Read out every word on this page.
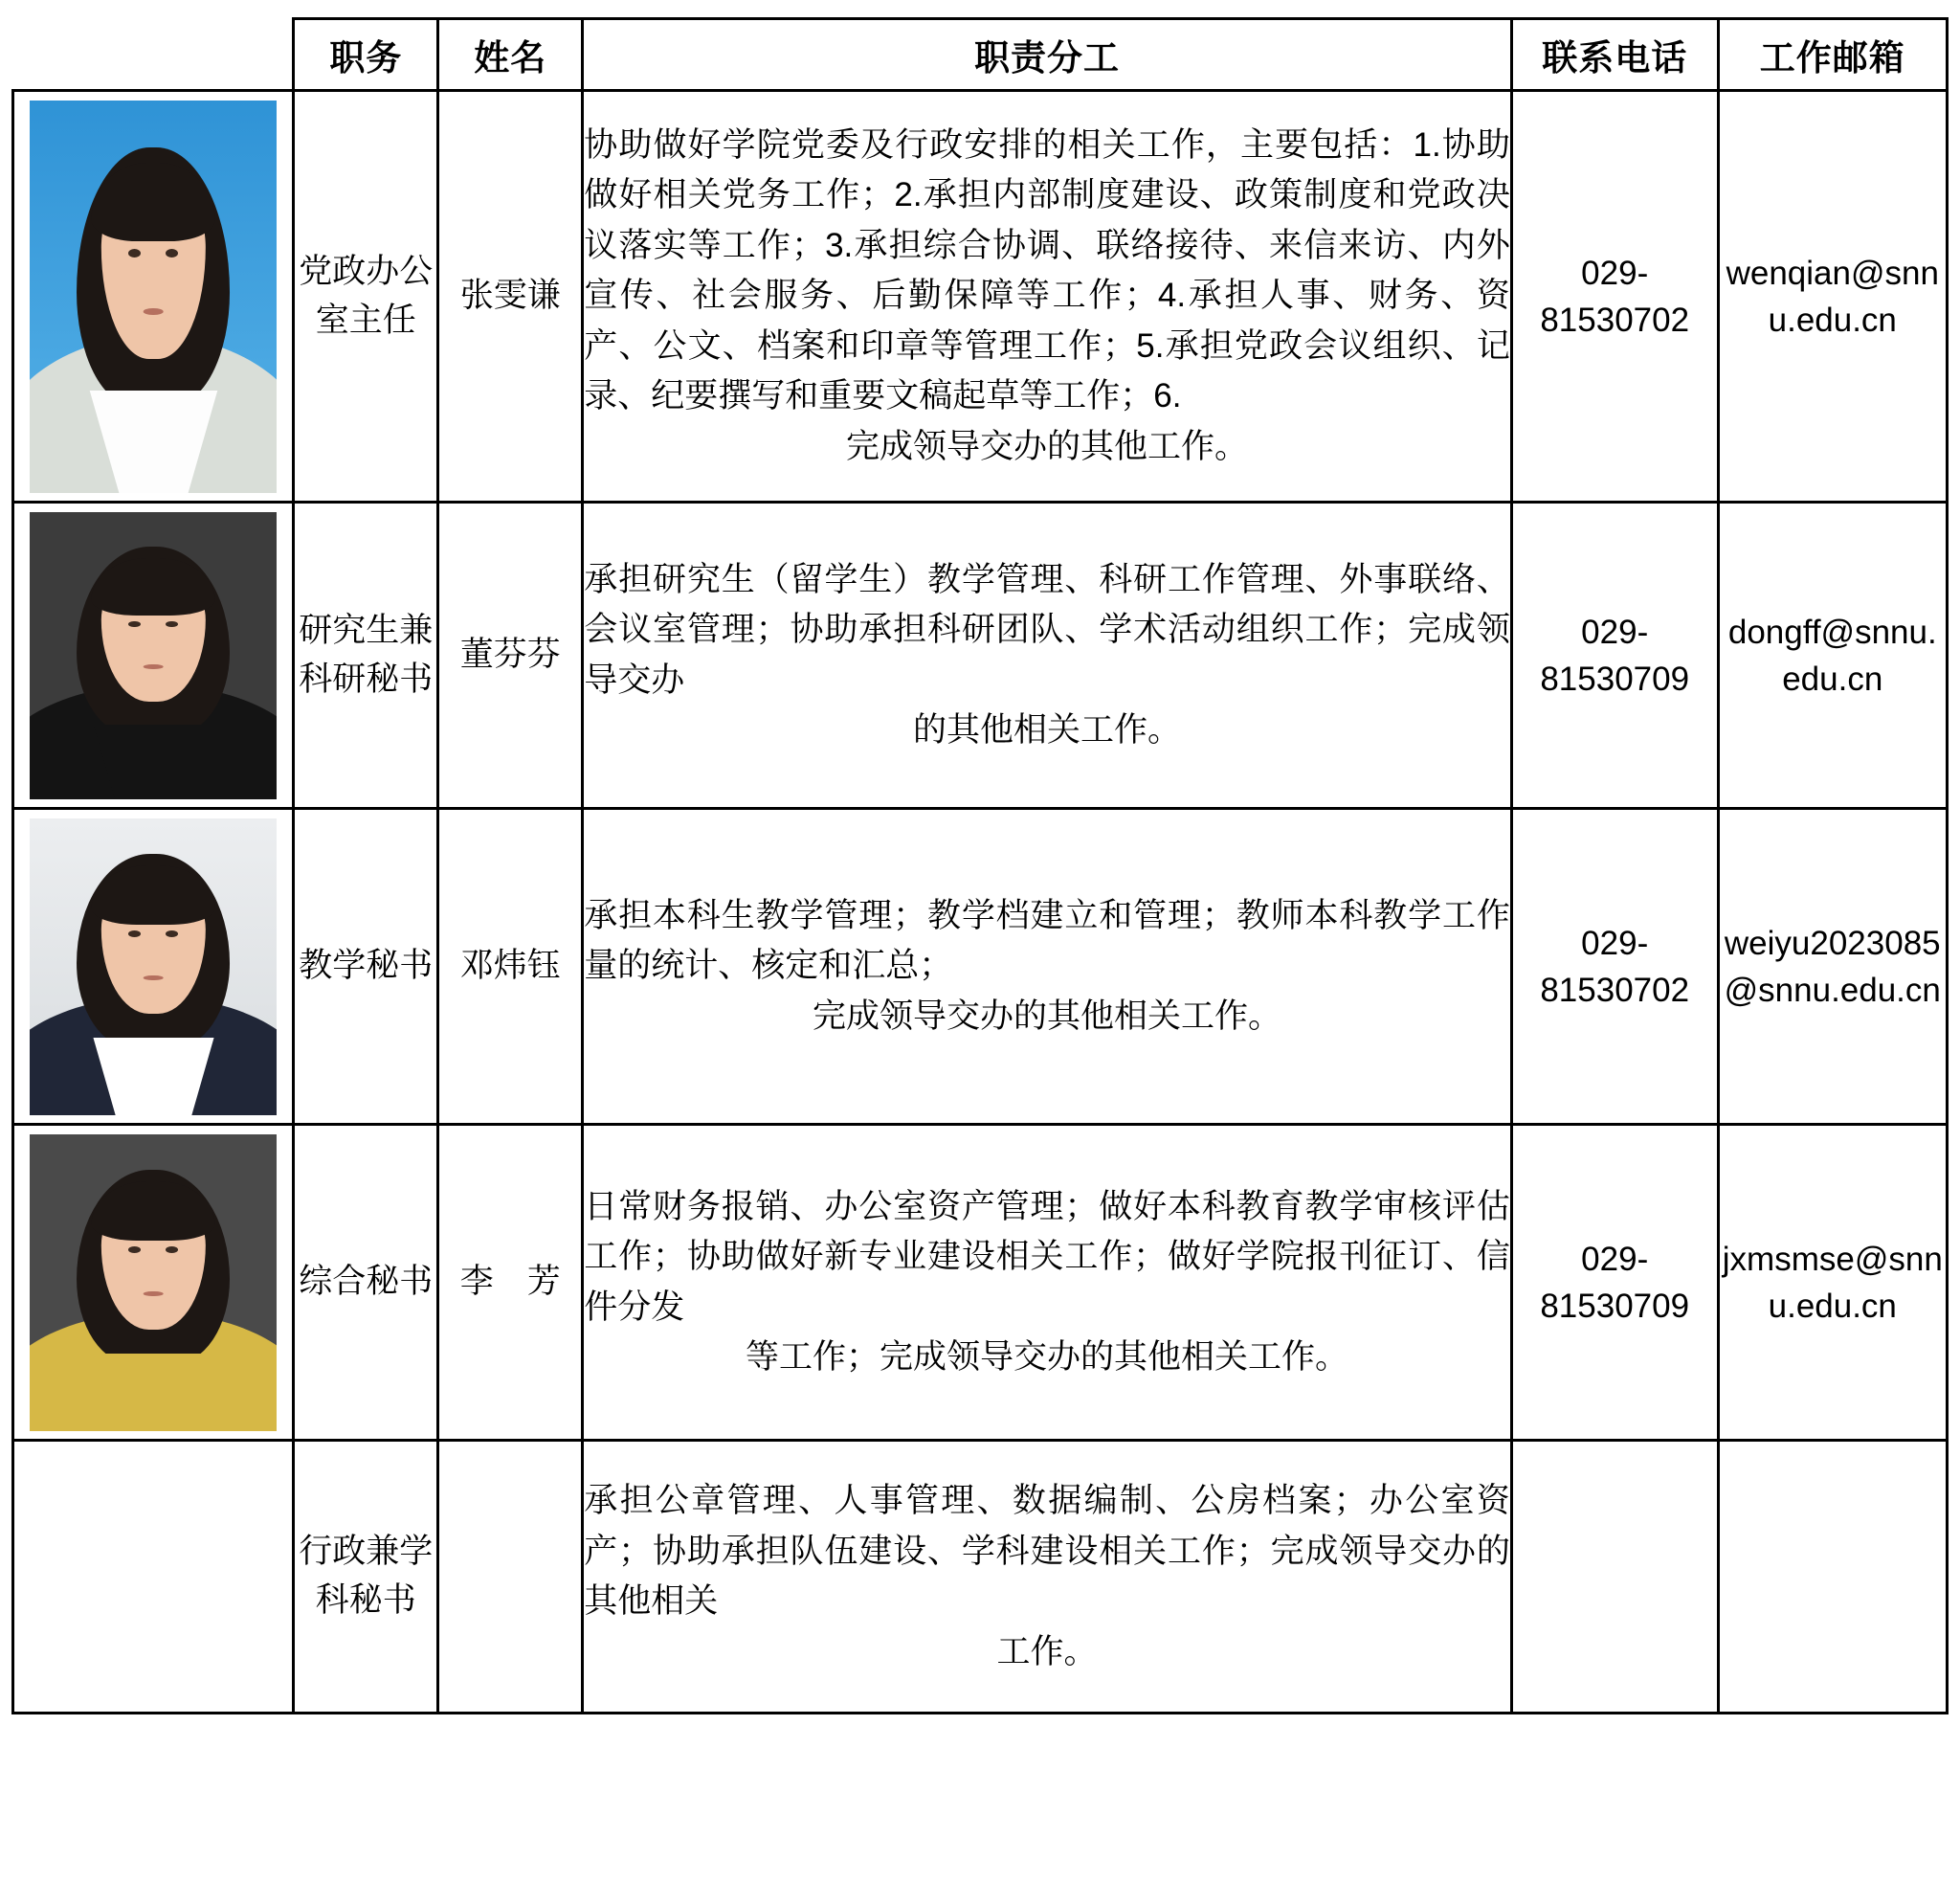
	职务	姓名	职责分工	联系电话	工作邮箱

	党政办公室主任	张雯谦	协助做好学院党委及行政安排的相关工作，主要包括：1.协助做好相关党务工作；2.承担内部制度建设、政策制度和党政决议落实等工作；3.承担综合协调、联络接待、来信来访、内外宣传、社会服务、后勤保障等工作；4.承担人事、财务、资产、公文、档案和印章等管理工作；5.承担党政会议组织、记录、纪要撰写和重要文稿起草等工作；6.
完成领导交办的其他工作。	029-81530702	wenqian@snnu.edu.cn

	研究生兼科研秘书	董芬芬	承担研究生（留学生）教学管理、科研工作管理、外事联络、会议室管理；协助承担科研团队、学术活动组织工作；完成领导交办
的其他相关工作。	029-81530709	dongff@snnu.edu.cn

	教学秘书	邓炜钰	承担本科生教学管理；教学档建立和管理；教师本科教学工作量的统计、核定和汇总；
完成领导交办的其他相关工作。	029-81530702	weiyu2023085@snnu.edu.cn

	综合秘书	李　芳	日常财务报销、办公室资产管理；做好本科教育教学审核评估工作；协助做好新专业建设相关工作；做好学院报刊征订、信件分发
等工作；完成领导交办的其他相关工作。	029-81530709	jxmsmse@snnu.edu.cn

	行政兼学科秘书		承担公章管理、人事管理、数据编制、公房档案；办公室资产；协助承担队伍建设、学科建设相关工作；完成领导交办的其他相关
工作。		
